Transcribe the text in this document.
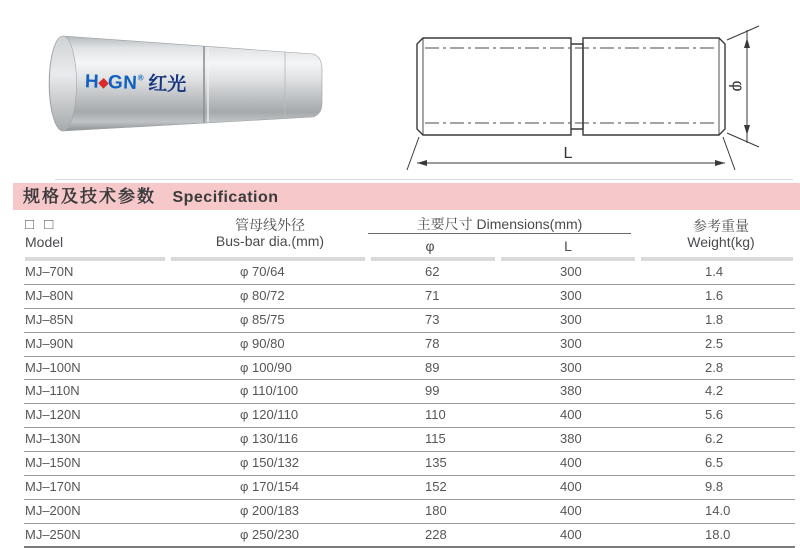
H◆GN® 红光	φ
L
规格及技术参数 Specification
□ □
Model
管母线外径
Bus-bar dia.(mm)
主要尺寸 Dimensions(mm)
φ	L
参考重量
Weight(kg)
MJ–70N	φ 70/64	62	300	1.4
MJ–80N	φ 80/72	71	300	1.6
MJ–85N	φ 85/75	73	300	1.8
MJ–90N	φ 90/80	78	300	2.5
MJ–100N	φ 100/90	89	300	2.8
MJ–110N	φ 110/100	99	380	4.2
MJ–120N	φ 120/110	110	400	5.6
MJ–130N	φ 130/116	115	380	6.2
MJ–150N	φ 150/132	135	400	6.5
MJ–170N	φ 170/154	152	400	9.8
MJ–200N	φ 200/183	180	400	14.0
MJ–250N	φ 250/230	228	400	18.0
